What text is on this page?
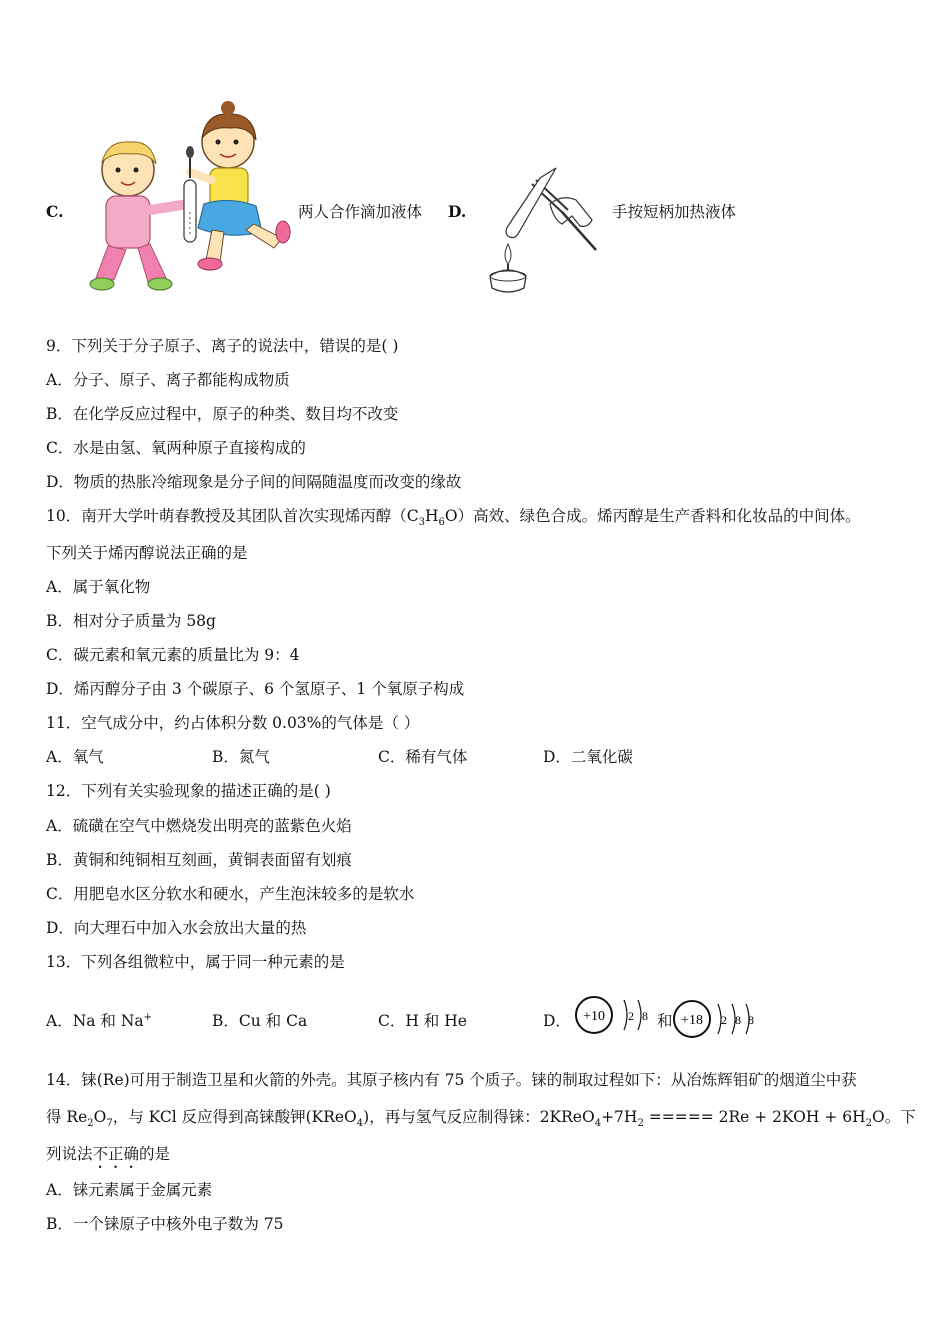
C.	两人合作滴加液体 D.	手按短柄加热液体
9．下列关于分子原子、离子的说法中，错误的是( )
A．分子、原子、离子都能构成物质
B．在化学反应过程中，原子的种类、数目均不改变
C．水是由氢、氧两种原子直接构成的
D．物质的热胀冷缩现象是分子间的间隔随温度而改变的缘故
10．南开大学叶萌春教授及其团队首次实现烯丙醇$(C_3H_6O)$高效、绿色合成。烯丙醇是生产香料和化妆品的中间体。
下列关于烯丙醇说法正确的是
A．属于氧化物
B．相对分子质量为 58g
C．碳元素和氧元素的质量比为 9：4
D．烯丙醇分子由 3 个碳原子、6 个氢原子、1 个氧原子构成
11．空气成分中，约占体积分数 0.03%的气体是（ ）
A．氧气	B．氮气	C．稀有气体	D．二氧化碳
12．下列有关实验现象的描述正确的是( )
A．硫磺在空气中燃烧发出明亮的蓝紫色火焰
B．黄铜和纯铜相互刻画，黄铜表面留有划痕
C．用肥皂水区分软水和硬水，产生泡沫较多的是软水
D．向大理石中加入水会放出大量的热
13．下列各组微粒中，属于同一种元素的是
A．Na 和 Na+	B．Cu 和 Ca	C．H 和 He	D． +10 2 8 和 +18 2 8 8
14．铼(Re)可用于制造卫星和火箭的外壳。其原子核内有 75 个质子。铼的制取过程如下：从冶炼辉钼矿的烟道尘中获
得 $Re_2O_7$，与 KCl 反应得到高铼酸钾(KReO$_4$)，再与氢气反应制得铼：$2KReO_4+7H_2$ ===== $2Re + 2KOH + 6H_2O$。下
列说法不正确的是
A．铼元素属于金属元素
B．一个铼原子中核外电子数为 75
